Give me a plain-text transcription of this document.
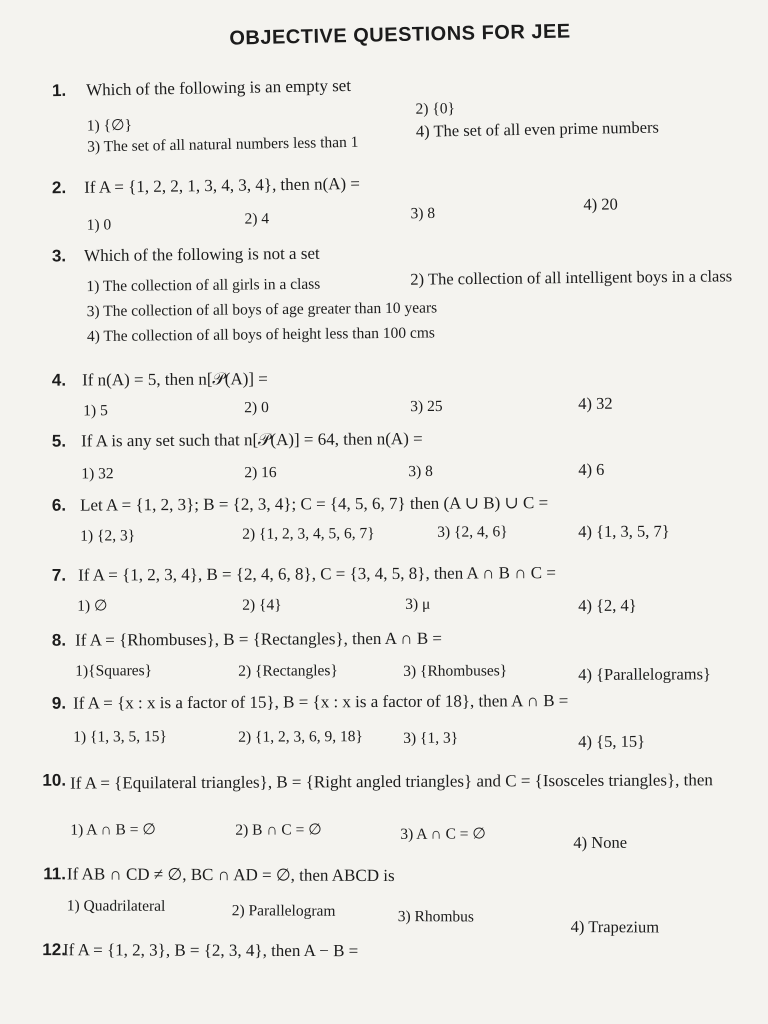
OBJECTIVE QUESTIONS FOR JEE
1. Which of the following is an empty set
1) {∅}
2) {0}
3) The set of all natural numbers less than 1
4) The set of all even prime numbers
2. If A = {1, 2, 2, 1, 3, 4, 3, 4}, then n(A) =
1) 0	2) 4	3) 8	4) 20
3. Which of the following is not a set
1) The collection of all girls in a class	2) The collection of all intelligent boys in a class
3) The collection of all boys of age greater than 10 years
4) The collection of all boys of height less than 100 cms
4. If n(A) = 5, then n[𝒫(A)] =
1) 5	2) 0	3) 25	4) 32
5. If A is any set such that n[𝒫(A)] = 64, then n(A) =
1) 32	2) 16	3) 8	4) 6
6. Let A = {1, 2, 3}; B = {2, 3, 4}; C = {4, 5, 6, 7} then (A ∪ B) ∪ C =
1) {2, 3}	2) {1, 2, 3, 4, 5, 6, 7}	3) {2, 4, 6}	4) {1, 3, 5, 7}
7. If A = {1, 2, 3, 4}, B = {2, 4, 6, 8}, C = {3, 4, 5, 8}, then A ∩ B ∩ C =
1) ∅	2) {4}	3) μ	4) {2, 4}
8. If A = {Rhombuses}, B = {Rectangles}, then A ∩ B =
1){Squares}	2) {Rectangles}	3) {Rhombuses}	4) {Parallelograms}
9. If A = {x : x is a factor of 15}, B = {x : x is a factor of 18}, then A ∩ B =
1) {1, 3, 5, 15}	2) {1, 2, 3, 6, 9, 18}	3) {1, 3}	4) {5, 15}
10. If A = {Equilateral triangles}, B = {Right angled triangles} and C = {Isosceles triangles}, then
1) A ∩ B = ∅	2) B ∩ C = ∅	3) A ∩ C = ∅	4) None
11. If AB ∩ CD ≠ ∅, BC ∩ AD = ∅, then ABCD is
1) Quadrilateral	2) Parallelogram	3) Rhombus
4) Trapezium
12.
If A = {1, 2, 3}, B = {2, 3, 4}, then A − B =
